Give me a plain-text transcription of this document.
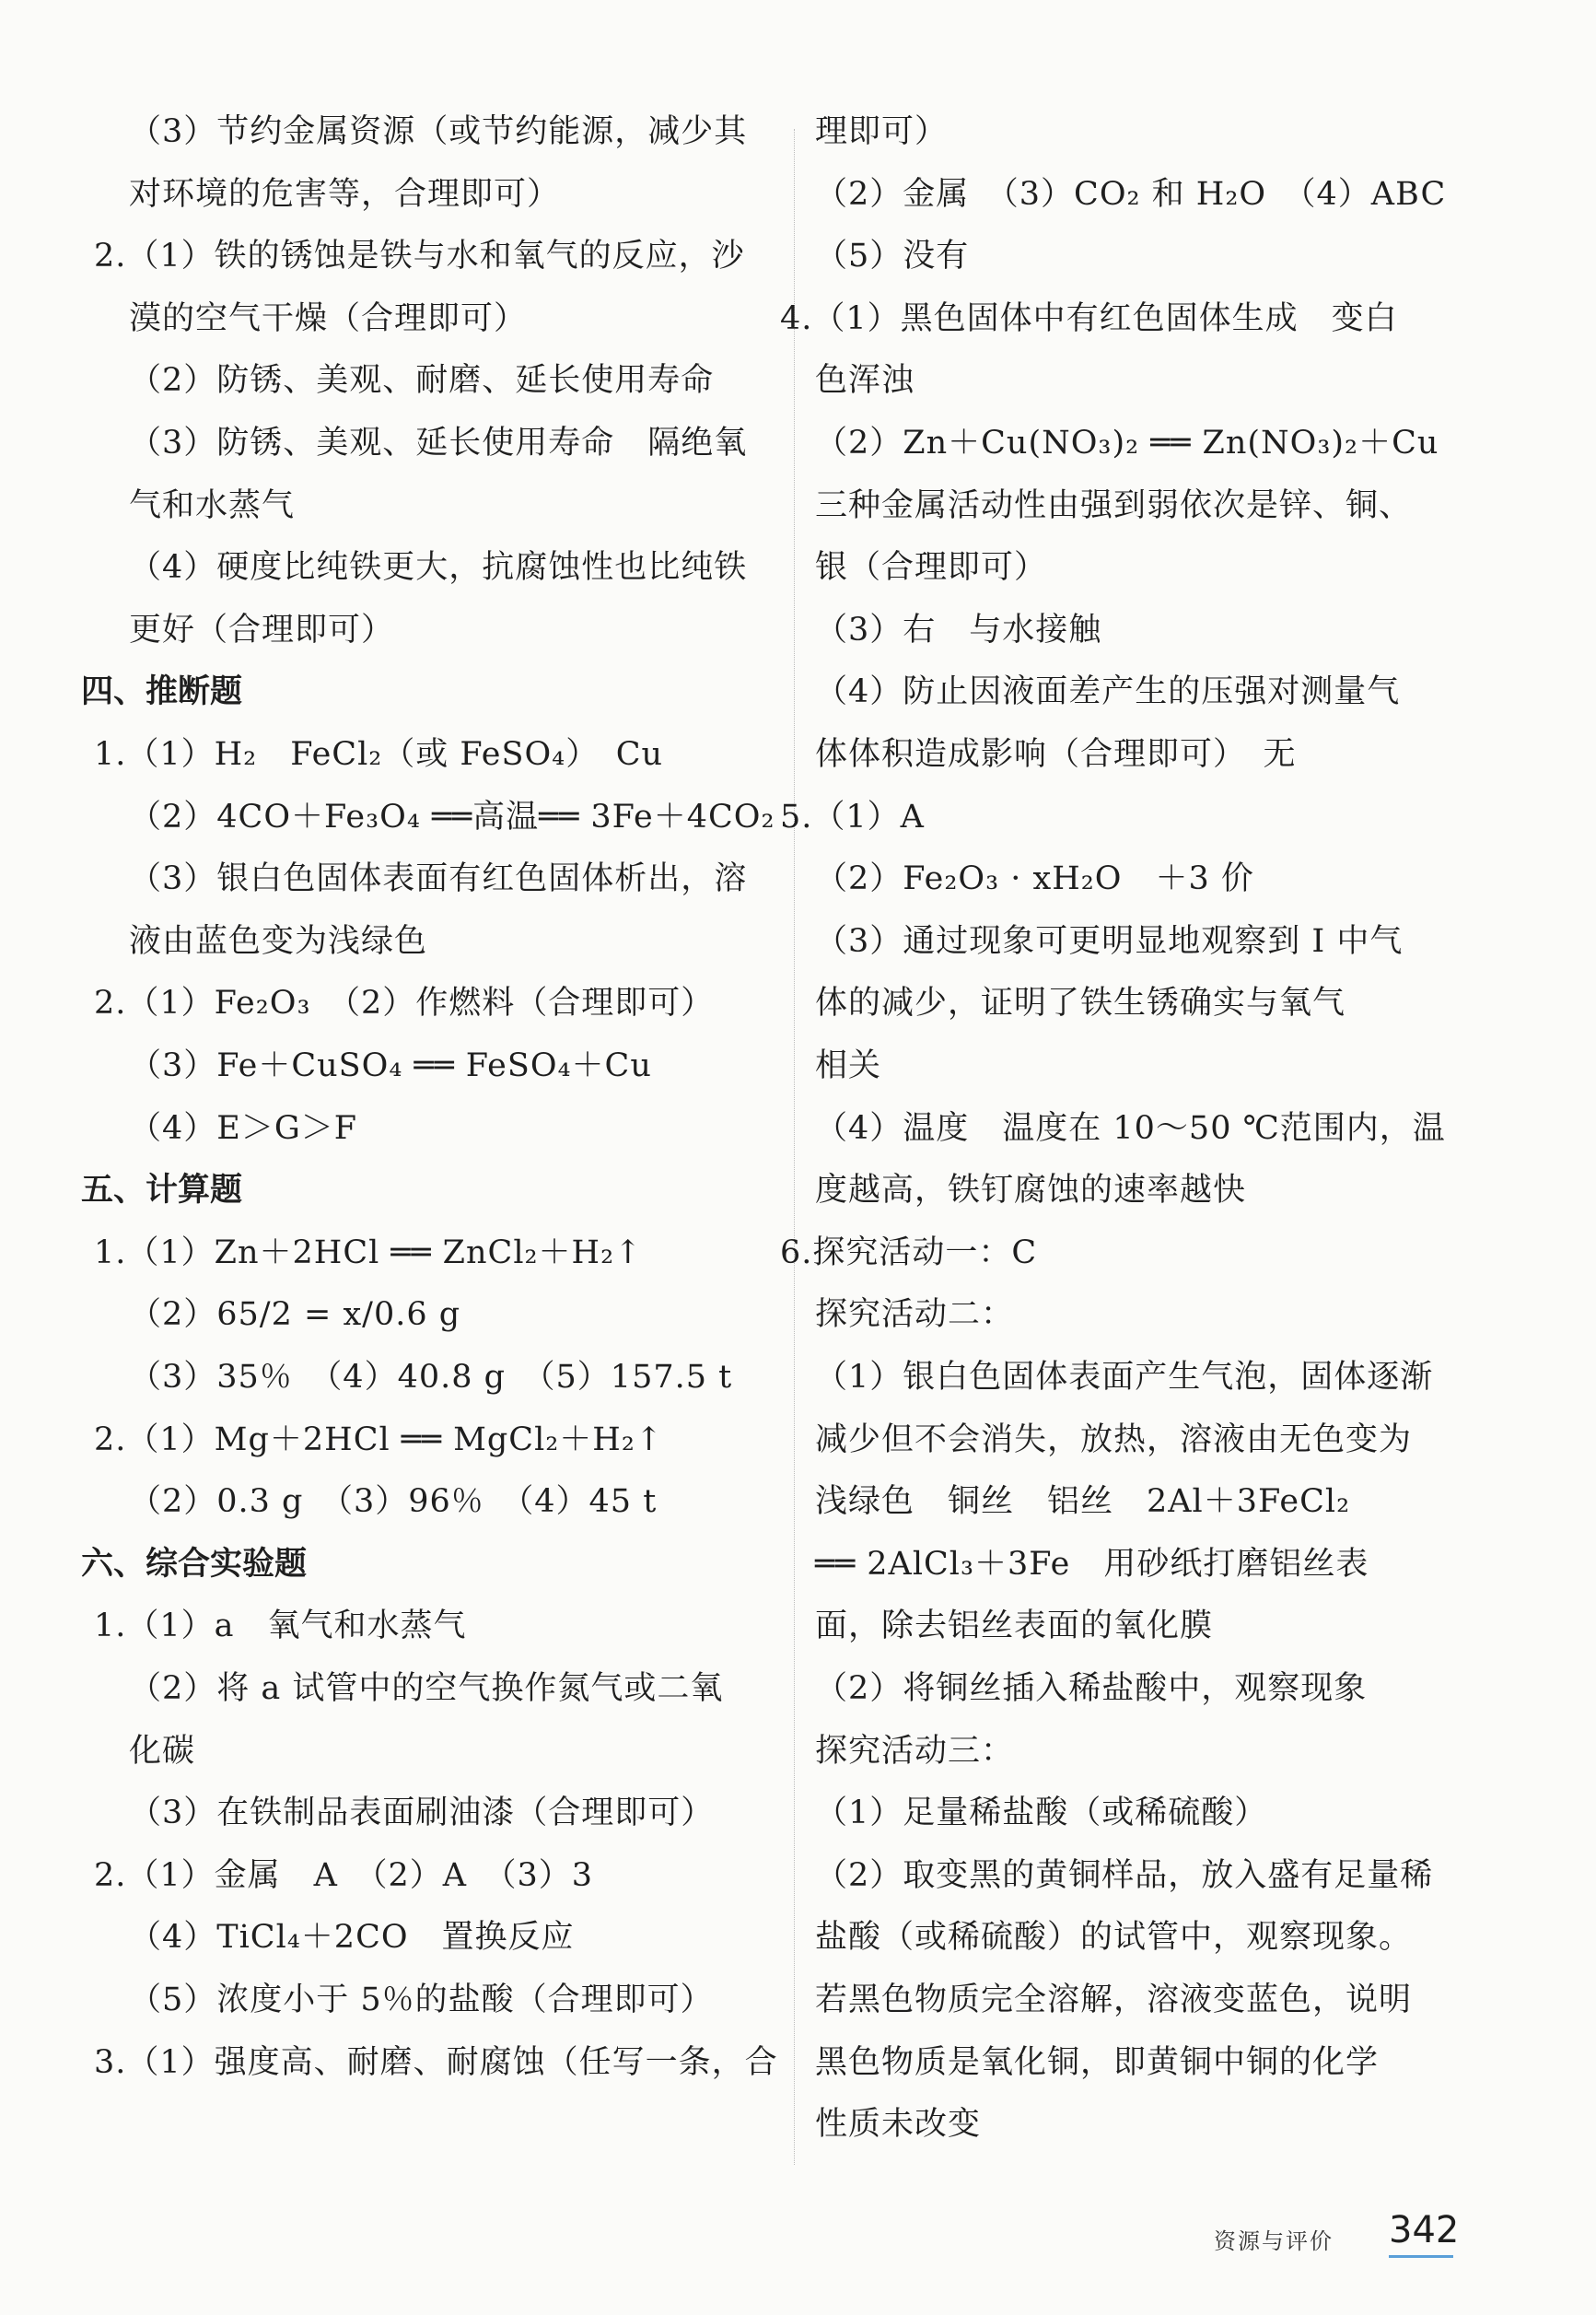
（3）节约金属资源（或节约能源，减少其
对环境的危害等，合理即可）
2.（1）铁的锈蚀是铁与水和氧气的反应，沙
漠的空气干燥（合理即可）
（2）防锈、美观、耐磨、延长使用寿命
（3）防锈、美观、延长使用寿命　隔绝氧
气和水蒸气
（4）硬度比纯铁更大，抗腐蚀性也比纯铁
更好（合理即可）
四、推断题
1.（1）H₂　FeCl₂（或 FeSO₄）　Cu
（2）4CO＋Fe₃O₄ ══高温══ 3Fe＋4CO₂
（3）银白色固体表面有红色固体析出，溶
液由蓝色变为浅绿色
2.（1）Fe₂O₃　（2）作燃料（合理即可）
（3）Fe＋CuSO₄ ══ FeSO₄＋Cu
（4）E＞G＞F
五、计算题
1.（1）Zn＋2HCl ══ ZnCl₂＋H₂↑
（2）65/2 = x/0.6 g
（3）35％　（4）40.8 g　（5）157.5 t
2.（1）Mg＋2HCl ══ MgCl₂＋H₂↑
（2）0.3 g　（3）96％　（4）45 t
六、综合实验题
1.（1）a　氧气和水蒸气
（2）将 a 试管中的空气换作氮气或二氧
化碳
（3）在铁制品表面刷油漆（合理即可）
2.（1）金属　A　（2）A　（3）3
（4）TiCl₄＋2CO　置换反应
（5）浓度小于 5％的盐酸（合理即可）
3.（1）强度高、耐磨、耐腐蚀（任写一条，合
理即可）
（2）金属　（3）CO₂ 和 H₂O　（4）ABC
（5）没有
4.（1）黑色固体中有红色固体生成　变白
色浑浊
（2）Zn＋Cu(NO₃)₂ ══ Zn(NO₃)₂＋Cu
三种金属活动性由强到弱依次是锌、铜、
银（合理即可）
（3）右　与水接触
（4）防止因液面差产生的压强对测量气
体体积造成影响（合理即可）　无
5.（1）A
（2）Fe₂O₃ · xH₂O　＋3 价
（3）通过现象可更明显地观察到 Ⅰ 中气
体的减少，证明了铁生锈确实与氧气
相关
（4）温度　温度在 10～50 ℃范围内，温
度越高，铁钉腐蚀的速率越快
6.探究活动一：C
探究活动二：
（1）银白色固体表面产生气泡，固体逐渐
减少但不会消失，放热，溶液由无色变为
浅绿色　铜丝　铝丝　2Al＋3FeCl₂
══ 2AlCl₃＋3Fe　用砂纸打磨铝丝表
面，除去铝丝表面的氧化膜
（2）将铜丝插入稀盐酸中，观察现象
探究活动三：
（1）足量稀盐酸（或稀硫酸）
（2）取变黑的黄铜样品，放入盛有足量稀
盐酸（或稀硫酸）的试管中，观察现象。
若黑色物质完全溶解，溶液变蓝色，说明
黑色物质是氧化铜，即黄铜中铜的化学
性质未改变
资源与评价 342
